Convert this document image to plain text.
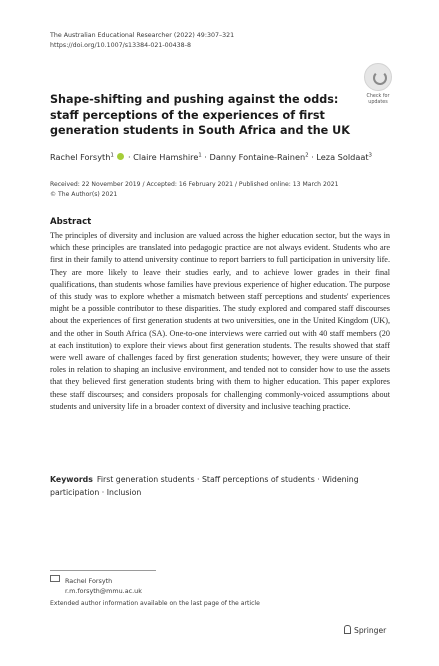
The Australian Educational Researcher (2022) 49:307–321
https://doi.org/10.1007/s13384-021-00438-8
Check for
updates
Shape-shifting and pushing against the odds: staff perceptions of the experiences of first generation students in South Africa and the UK
Rachel Forsyth$^1$  · Claire Hamshire$^1$ · Danny Fontaine-Rainen$^2$ · Leza Soldaat$^3$
Received: 22 November 2019 / Accepted: 16 February 2021 / Published online: 13 March 2021
© The Author(s) 2021
Abstract

The principles of diversity and inclusion are valued across the higher education sector, but the ways in which these principles are translated into pedagogic practice are not always evident. Students who are first in their family to attend university continue to report barriers to full participation in university life. They are more likely to leave their studies early, and to achieve lower grades in their final qualifications, than students whose families have previous experience of higher education. The purpose of this study was to explore whether a mismatch between staff perceptions and students' experiences might be a possible contributor to these disparities. The study explored and compared staff discourses about the experiences of first generation students at two universities, one in the United Kingdom (UK), and the other in South Africa (SA). One-to-one interviews were carried out with 40 staff members (20 at each institution) to explore their views about first generation students. The results showed that staff were well aware of challenges faced by first generation students; however, they were unsure of their roles in relation to shaping an inclusive environment, and tended not to consider how to use the assets that they believed first generation students bring with them to higher education. This paper explores these staff discourses; and considers proposals for challenging commonly-voiced assumptions about students and university life in a broader context of diversity and inclusive teaching practice.

Keywords First generation students · Staff perceptions of students · Widening participation · Inclusion

Rachel Forsyth
r.m.forsyth@mmu.ac.uk
Extended author information available on the last page of the article
Springer
